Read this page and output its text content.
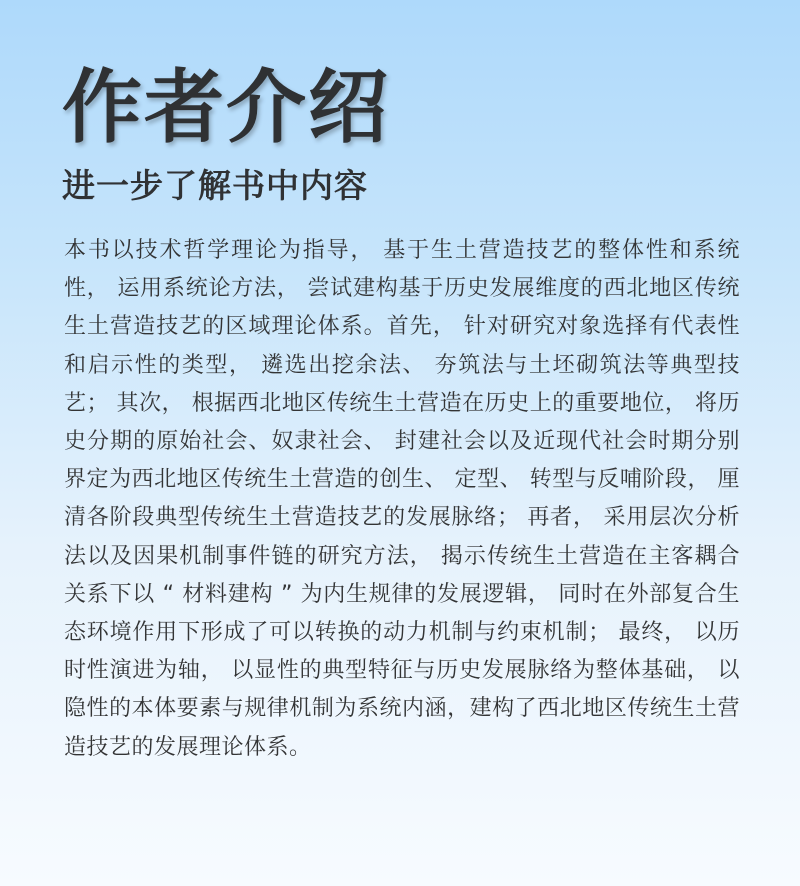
作者介绍
进一步了解书中内容

本书以技术哲学理论为指导， 基于生土营造技艺的整体性和系统性， 运用系统论方法， 尝试建构基于历史发展维度的西北地区传统生土营造技艺的区域理论体系。首先， 针对研究对象选择有代表性和启示性的类型， 遴选出挖余法、 夯筑法与土坯砌筑法等典型技艺； 其次， 根据西北地区传统生土营造在历史上的重要地位， 将历史分期的原始社会、奴隶社会、 封建社会以及近现代社会时期分别界定为西北地区传统生土营造的创生、 定型、 转型与反哺阶段， 厘清各阶段典型传统生土营造技艺的发展脉络； 再者， 采用层次分析法以及因果机制事件链的研究方法， 揭示传统生土营造在主客耦合关系下以 “ 材料建构 ” 为内生规律的发展逻辑， 同时在外部复合生态环境作用下形成了可以转换的动力机制与约束机制； 最终， 以历时性演进为轴， 以显性的典型特征与历史发展脉络为整体基础， 以隐性的本体要素与规律机制为系统内涵，建构了西北地区传统生土营造技艺的发展理论体系。
